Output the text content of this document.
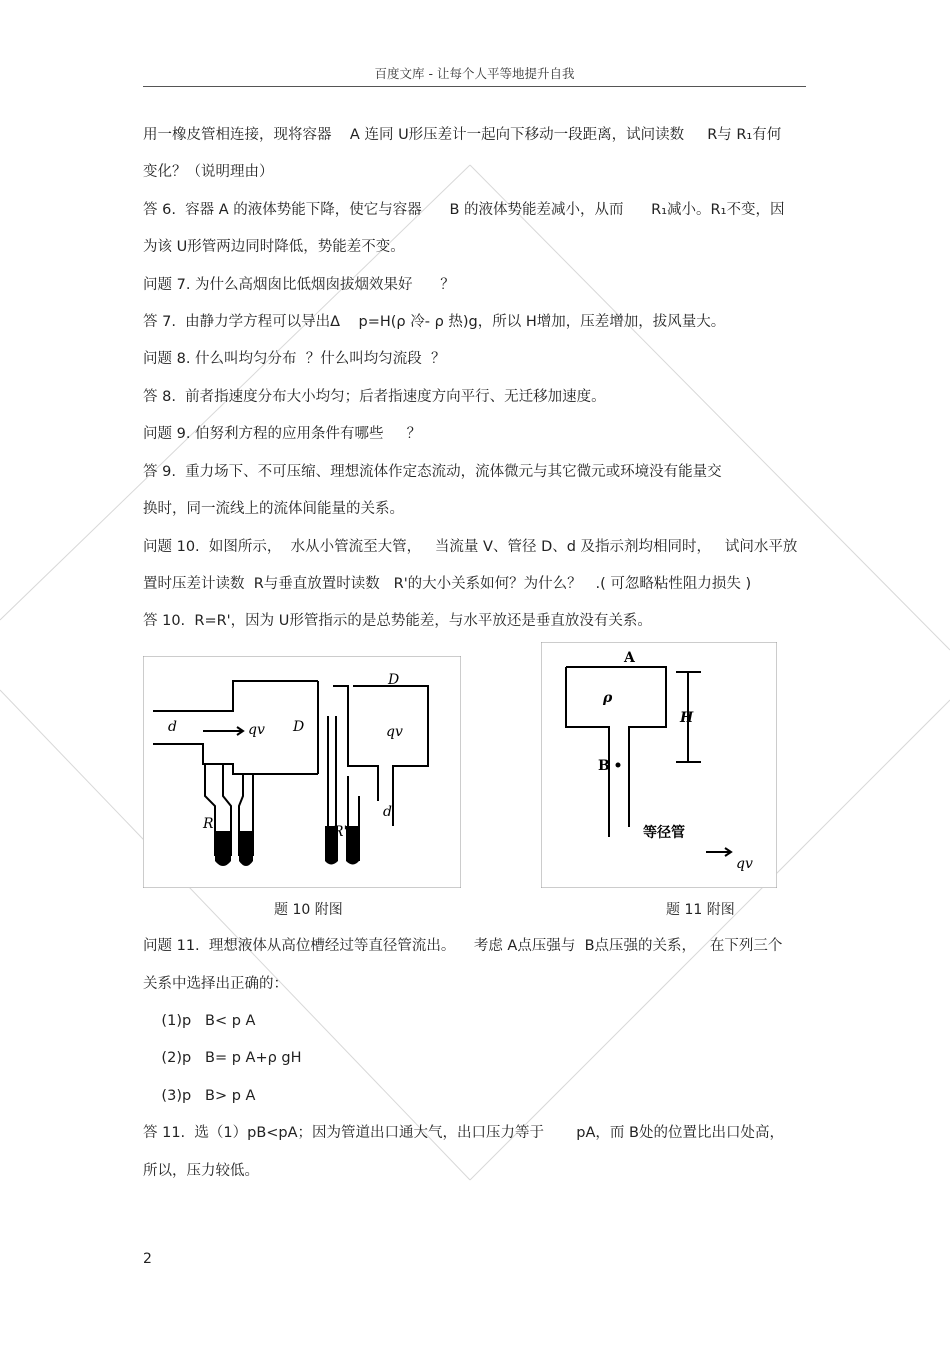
百度文库 - 让每个人平等地提升自我
用一橡皮管相连接，现将容器    A 连同 U形压差计一起向下移动一段距离，试问读数     R与 R₁有何
变化？（说明理由）
答 6.  容器 A 的液体势能下降，使它与容器      B 的液体势能差减小，从而      R₁减小。R₁不变，因
为该 U形管两边同时降低，势能差不变。
问题 7. 为什么高烟囱比低烟囱拔烟效果好      ？
答 7.  由静力学方程可以导出Δ    p=H(ρ 冷- ρ 热)g，所以 H增加，压差增加，拔风量大。
问题 8. 什么叫均匀分布  ？什么叫均匀流段  ？
答 8.  前者指速度分布大小均匀；后者指速度方向平行、无迁移加速度。
问题 9. 伯努利方程的应用条件有哪些     ？
答 9.  重力场下、不可压缩、理想流体作定态流动，流体微元与其它微元或环境没有能量交
换时，同一流线上的流体间能量的关系。
问题 10.  如图所示，  水从小管流至大管，   当流量 V、管径 D、d 及指示剂均相同时，   试问水平放
置时压差计读数  R与垂直放置时读数   R'的大小关系如何？为什么？   .( 可忽略粘性阻力损失 )
答 10.  R=R'，因为 U形管指示的是总势能差，与水平放还是垂直放没有关系。
d	qv D
R
D
qv
R'
d
A
ρ
H
B
等径管
qv
题 10 附图	题 11 附图
问题 11.  理想液体从高位槽经过等直径管流出。    考虑 A点压强与  B点压强的关系，   在下列三个
关系中选择出正确的：
(1)p   B< p A
(2)p   B= p A+ρ gH
(3)p   B> p A
答 11.  选（1）pB<pA；因为管道出口通大气，出口压力等于       pA，而 B处的位置比出口处高，
所以，压力较低。
2
